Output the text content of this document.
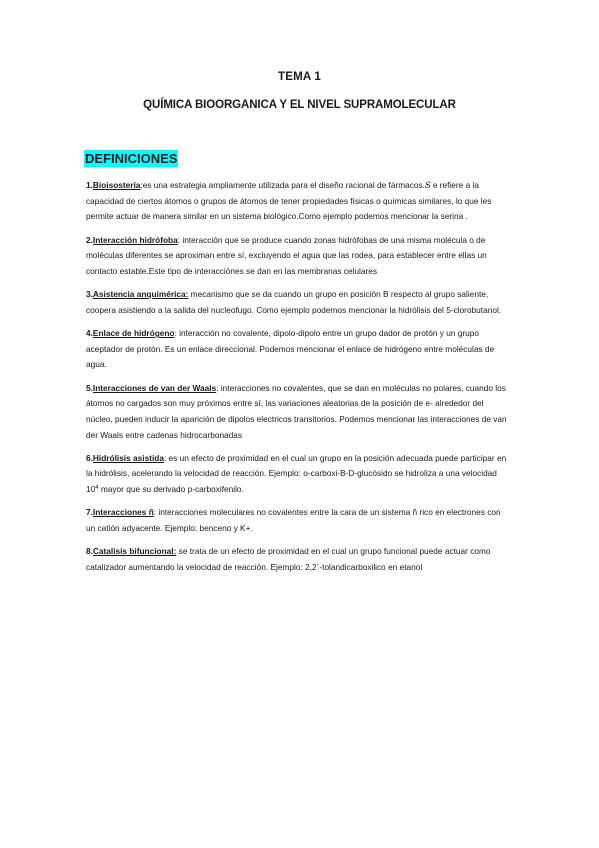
TEMA 1
QUÍMICA BIOORGANICA Y EL NIVEL SUPRAMOLECULAR
DEFINICIONES

1.Bioisostería:es una estrategia ampliamente utilizada para el diseño racional de fármacos.𝑆 e refiere a la capacidad de ciertos átomos o grupos de átomos de tener propiedades físicas o químicas similares, lo que les permite actuar de manera similar en un sistema biológico.Como ejemplo podemos mencionar la serina .

2.Interacción hidrófoba: interacción que se produce cuando zonas hidrófobas de una misma molécula o de moléculas diferentes se aproximan entre sí, excluyendo el agua que las rodea, para establecer entre ellas un contacto estable.Este tipo de interacciónes se dan en las membranas celulares

3.Asistencia anquimérica: mecanismo que se da cuando un grupo en posición B respecto al grupo saliente, coopera asistiendo a la salida del nucleofugo. Como ejemplo podemos mencionar la hidrólisis del 5-clorobutanol.

4.Enlace de hidrógeno: interacción no covalente, dipolo-dipolo entre un grupo dador de protón y un grupo aceptador de protón. Es un enlace direccional. Podemos mencionar el enlace de hidrógeno entre moléculas de agua.

5.Interacciones de van der Waals: interacciones no covalentes, que se dan en moléculas no polares, cuando los átomos no cargados son muy próximos entre sí, las variaciones aleatorias de la posición de e- alrededor del núcleo, pueden inducir la aparición de dipolos electricos transitorios. Podemos mencionar las interacciones de van der Waals entre cadenas hidrocarbonadas

6.Hidrólisis asistida: es un efecto de proximidad en el cual un grupo en la posición adecuada puede participar en la hidrólisis, acelerando la velocidad de reacción. Ejemplo: o-carboxi-B-D-glucósido se hidroliza a una velocidad $10^4$ mayor que su derivado p-carboxifenilo.

7.Interacciones ñ: interacciones moleculares no covalentes entre la cara de un sistema ñ rico en electrones con un catión adyacente. Ejemplo: benceno y K+.

8.Catalisis bifuncional: se trata de un efecto de proximidad en el cual un grupo funcional puede actuar como catalizador aumentando la velocidad de reacción. Ejemplo: 2,2`-tolandicarboxilico en etanol
